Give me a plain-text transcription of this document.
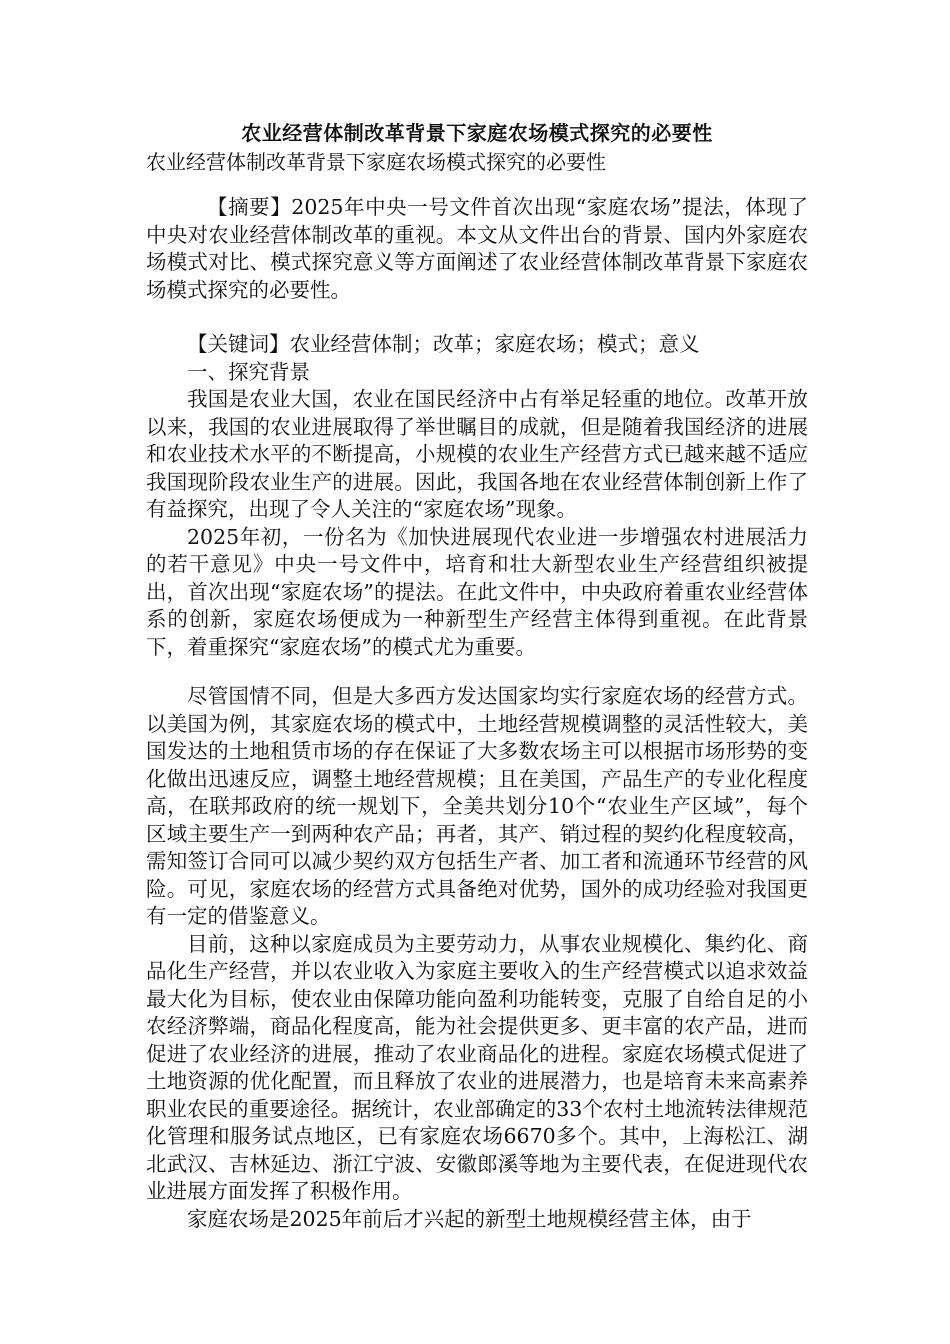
农业经营体制改革背景下家庭农场模式探究的必要性

农业经营体制改革背景下家庭农场模式探究的必要性

【摘要】2025年中央一号文件首次出现“家庭农场”提法，体现了中央对农业经营体制改革的重视。本文从文件出台的背景、国内外家庭农场模式对比、模式探究意义等方面阐述了农业经营体制改革背景下家庭农场模式探究的必要性。

【关键词】农业经营体制；改革；家庭农场；模式；意义

一、探究背景

我国是农业大国，农业在国民经济中占有举足轻重的地位。改革开放以来，我国的农业进展取得了举世瞩目的成就，但是随着我国经济的进展和农业技术水平的不断提高，小规模的农业生产经营方式已越来越不适应我国现阶段农业生产的进展。因此，我国各地在农业经营体制创新上作了有益探究，出现了令人关注的“家庭农场”现象。

2025年初，一份名为《加快进展现代农业进一步增强农村进展活力的若干意见》中央一号文件中，培育和壮大新型农业生产经营组织被提出，首次出现“家庭农场”的提法。在此文件中，中央政府着重农业经营体系的创新，家庭农场便成为一种新型生产经营主体得到重视。在此背景下，着重探究“家庭农场”的模式尤为重要。

尽管国情不同，但是大多西方发达国家均实行家庭农场的经营方式。以美国为例，其家庭农场的模式中，土地经营规模调整的灵活性较大，美国发达的土地租赁市场的存在保证了大多数农场主可以根据市场形势的变化做出迅速反应，调整土地经营规模；且在美国，产品生产的专业化程度高，在联邦政府的统一规划下，全美共划分10个“农业生产区域”，每个区域主要生产一到两种农产品；再者，其产、销过程的契约化程度较高，需知签订合同可以减少契约双方包括生产者、加工者和流通环节经营的风险。可见，家庭农场的经营方式具备绝对优势，国外的成功经验对我国更有一定的借鉴意义。

目前，这种以家庭成员为主要劳动力，从事农业规模化、集约化、商品化生产经营，并以农业收入为家庭主要收入的生产经营模式以追求效益最大化为目标，使农业由保障功能向盈利功能转变，克服了自给自足的小农经济弊端，商品化程度高，能为社会提供更多、更丰富的农产品，进而促进了农业经济的进展，推动了农业商品化的进程。家庭农场模式促进了土地资源的优化配置，而且释放了农业的进展潜力，也是培育未来高素养职业农民的重要途径。据统计，农业部确定的33个农村土地流转法律规范化管理和服务试点地区，已有家庭农场6670多个。其中，上海松江、湖北武汉、吉林延边、浙江宁波、安徽郎溪等地为主要代表，在促进现代农业进展方面发挥了积极作用。

家庭农场是2025年前后才兴起的新型土地规模经营主体，由于
